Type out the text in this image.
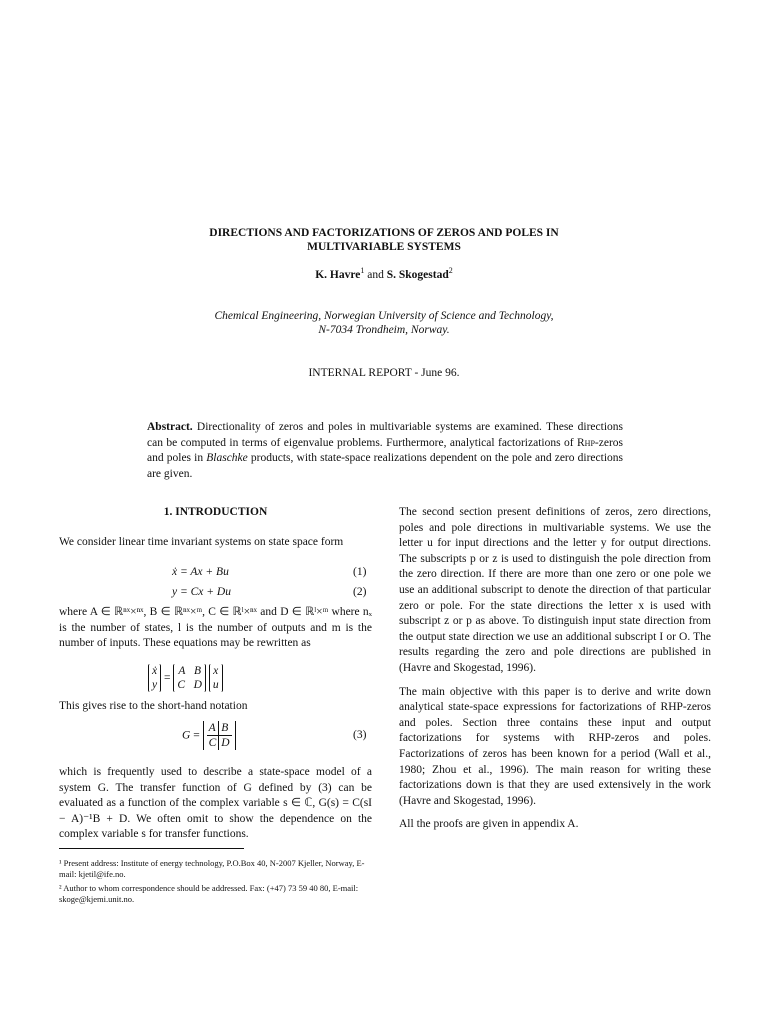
DIRECTIONS AND FACTORIZATIONS OF ZEROS AND POLES IN
MULTIVARIABLE SYSTEMS
K. Havre$^1$ and S. Skogestad$^2$
Chemical Engineering, Norwegian University of Science and Technology,
N-7034 Trondheim, Norway.
INTERNAL REPORT - June 96.
Abstract. Directionality of zeros and poles in multivariable systems are examined. These directions can be computed in terms of eigenvalue problems. Furthermore, analytical factorizations of Rhp-zeros and poles in Blaschke products, with state-space realizations dependent on the pole and zero directions are given.
1. INTRODUCTION
We consider linear time invariant systems on state space form
ẋ = Ax + Bu	(1)
y = Cx + Du	(2)
where A ∈ ℝⁿˣ×ⁿˣ, B ∈ ℝⁿˣ×ᵐ, C ∈ ℝˡ×ⁿˣ and D ∈ ℝˡ×ᵐ where nₓ is the number of states, l is the number of outputs and m is the number of inputs. These equations may be rewritten as
ẋ
y = A   B
C   D x
u
This gives rise to the short-hand notation
G =
A	B
C	D
(3)
which is frequently used to describe a state-space model of a system G. The transfer function of G defined by (3) can be evaluated as a function of the complex variable s ∈ ℂ, G(s) = C(sI − A)⁻¹B + D. We often omit to show the dependence on the complex variable s for transfer functions.
¹ Present address: Institute of energy technology, P.O.Box 40, N-2007 Kjeller, Norway, E-mail: kjetil@ife.no.
² Author to whom correspondence should be addressed. Fax: (+47) 73 59 40 80, E-mail: skoge@kjemi.unit.no.

The second section present definitions of zeros, zero directions, poles and pole directions in multivariable systems. We use the letter u for input directions and the letter y for output directions. The subscripts p or z is used to distinguish the pole direction from the zero direction. If there are more than one zero or one pole we use an additional subscript to denote the direction of that particular zero or pole. For the state directions the letter x is used with subscript z or p as above. To distinguish input state direction from the output state direction we use an additional subscript I or O. The results regarding the zero and pole directions are published in (Havre and Skogestad, 1996).

The main objective with this paper is to derive and write down analytical state-space expressions for factorizations of RHP-zeros and poles. Section three contains these input and output factorizations for systems with RHP-zeros and poles. Factorizations of zeros has been known for a period (Wall et al., 1980; Zhou et al., 1996). The main reason for writing these factorizations down is that they are used extensively in the work (Havre and Skogestad, 1996).

All the proofs are given in appendix A.
